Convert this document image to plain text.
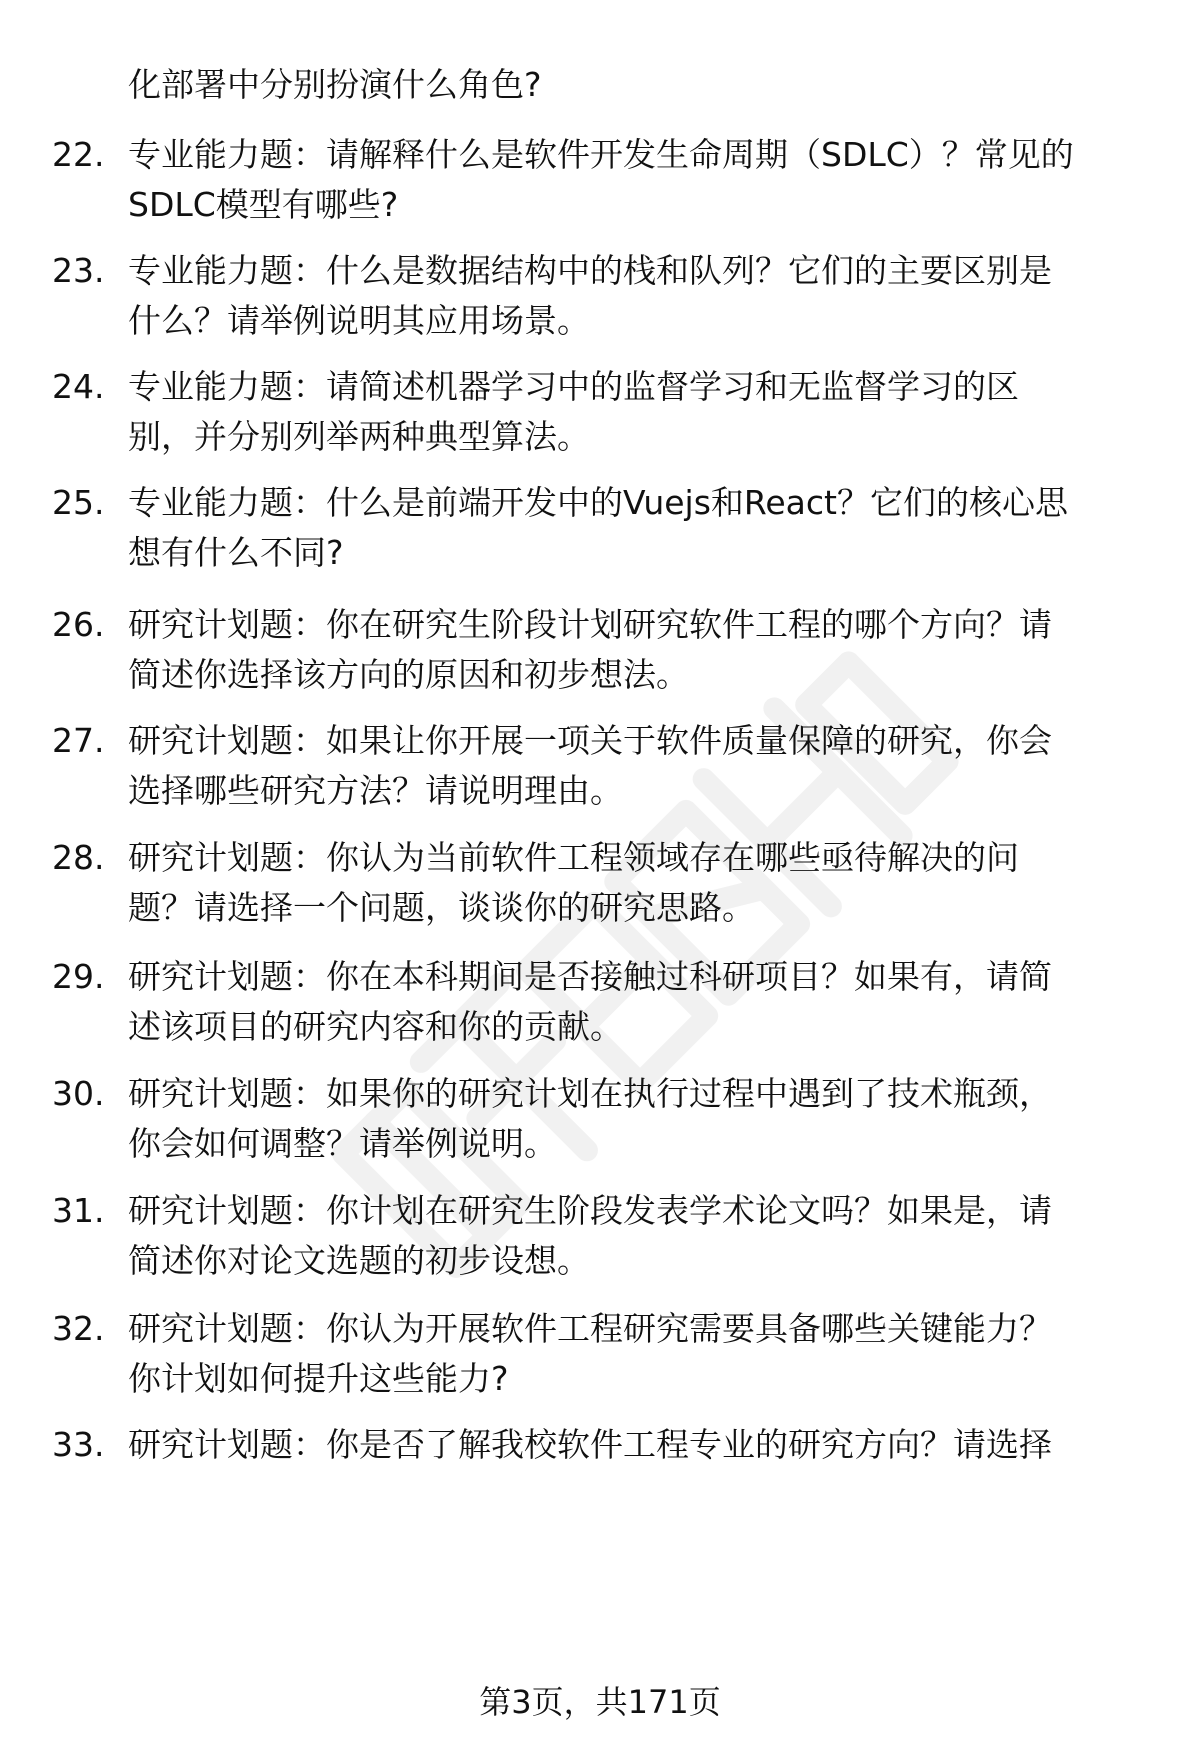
化部署中分别扮演什么角色?
22. 专业能力题：请解释什么是软件开发生命周期（SDLC）？常见的
SDLC模型有哪些?
23. 专业能力题：什么是数据结构中的栈和队列？它们的主要区别是
什么？请举例说明其应用场景。
24. 专业能力题：请简述机器学习中的监督学习和无监督学习的区
别，并分别列举两种典型算法。
25. 专业能力题：什么是前端开发中的Vuejs和React？它们的核心思
想有什么不同?
26. 研究计划题：你在研究生阶段计划研究软件工程的哪个方向？请
简述你选择该方向的原因和初步想法。
27. 研究计划题：如果让你开展一项关于软件质量保障的研究，你会
选择哪些研究方法？请说明理由。
28. 研究计划题：你认为当前软件工程领域存在哪些亟待解决的问
题？请选择一个问题，谈谈你的研究思路。
29. 研究计划题：你在本科期间是否接触过科研项目？如果有，请简
述该项目的研究内容和你的贡献。
30. 研究计划题：如果你的研究计划在执行过程中遇到了技术瓶颈，
你会如何调整？请举例说明。
31. 研究计划题：你计划在研究生阶段发表学术论文吗？如果是，请
简述你对论文选题的初步设想。
32. 研究计划题：你认为开展软件工程研究需要具备哪些关键能力？
你计划如何提升这些能力?
33. 研究计划题：你是否了解我校软件工程专业的研究方向？请选择
第3页，共171页
